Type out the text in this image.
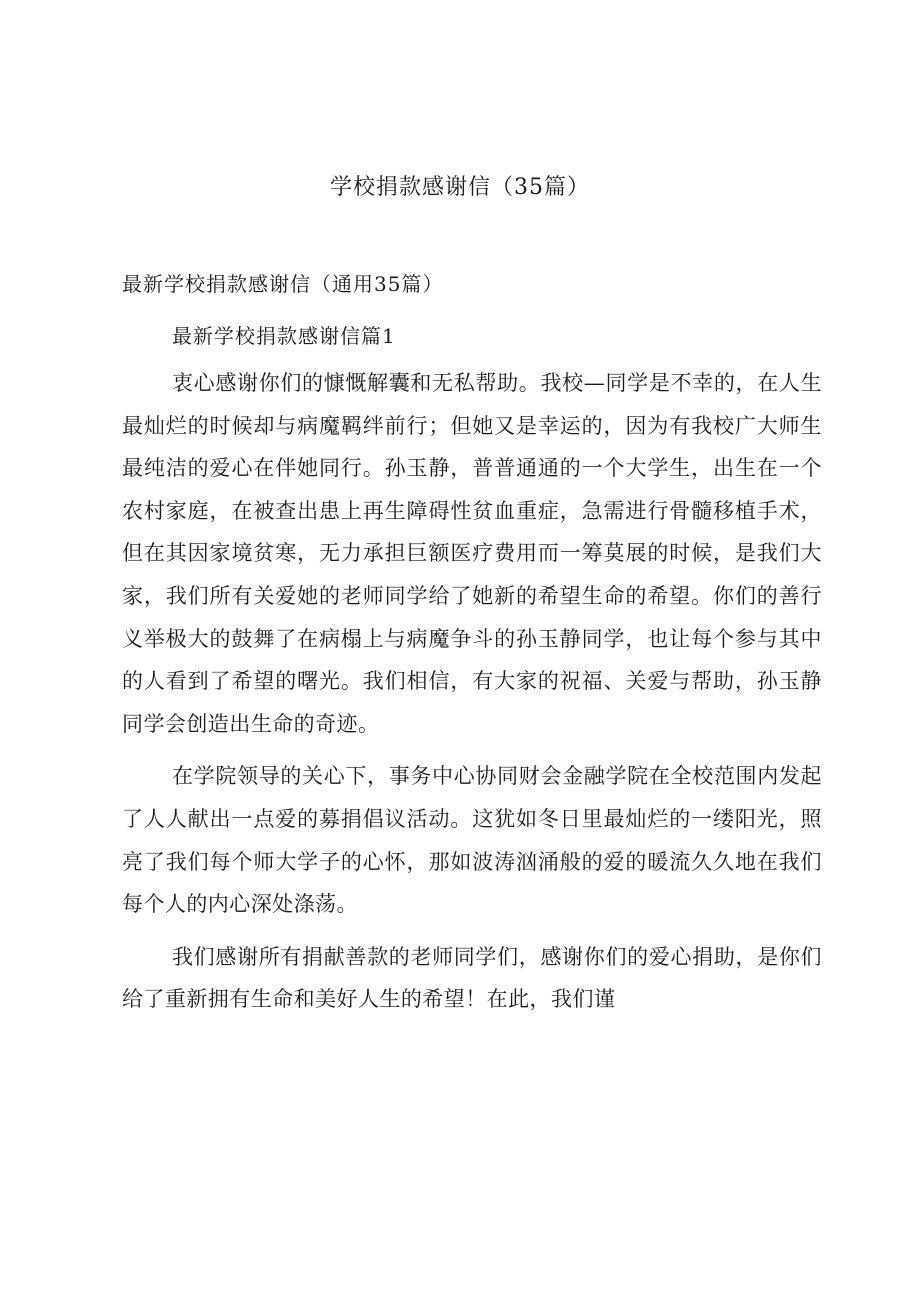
学校捐款感谢信（35篇）

最新学校捐款感谢信（通用35篇）

最新学校捐款感谢信篇1

衷心感谢你们的慷慨解囊和无私帮助。我校—同学是不幸的，在人生最灿烂的时候却与病魔羁绊前行；但她又是幸运的，因为有我校广大师生最纯洁的爱心在伴她同行。孙玉静，普普通通的一个大学生，出生在一个农村家庭，在被查出患上再生障碍性贫血重症，急需进行骨髓移植手术，但在其因家境贫寒，无力承担巨额医疗费用而一筹莫展的时候，是我们大家，我们所有关爱她的老师同学给了她新的希望生命的希望。你们的善行义举极大的鼓舞了在病榻上与病魔争斗的孙玉静同学，也让每个参与其中的人看到了希望的曙光。我们相信，有大家的祝福、关爱与帮助，孙玉静同学会创造出生命的奇迹。

在学院领导的关心下，事务中心协同财会金融学院在全校范围内发起了人人献出一点爱的募捐倡议活动。这犹如冬日里最灿烂的一缕阳光，照亮了我们每个师大学子的心怀，那如波涛汹涌般的爱的暖流久久地在我们每个人的内心深处涤荡。

我们感谢所有捐献善款的老师同学们，感谢你们的爱心捐助，是你们给了重新拥有生命和美好人生的希望！在此，我们谨
